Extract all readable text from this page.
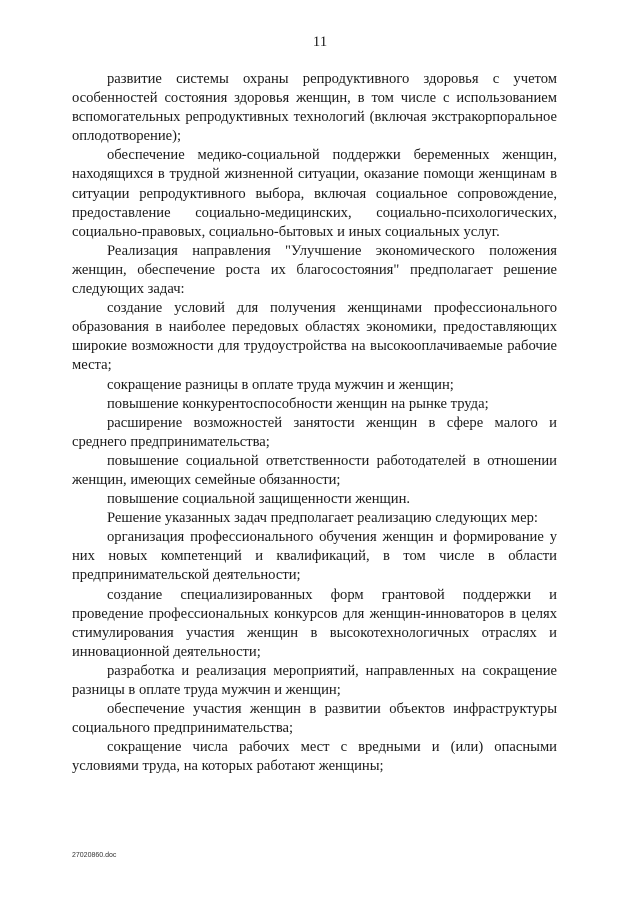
11

развитие системы охраны репродуктивного здоровья с учетом особенностей состояния здоровья женщин, в том числе с использованием вспомогательных репродуктивных технологий (включая экстракорпоральное оплодотворение);

обеспечение медико-социальной поддержки беременных женщин, находящихся в трудной жизненной ситуации, оказание помощи женщинам в ситуации репродуктивного выбора, включая социальное сопровождение, предоставление социально-медицинских, социально-психологических, социально-правовых, социально-бытовых и иных социальных услуг.

Реализация направления "Улучшение экономического положения женщин, обеспечение роста их благосостояния" предполагает решение следующих задач:

создание условий для получения женщинами профессионального образования в наиболее передовых областях экономики, предоставляющих широкие возможности для трудоустройства на высокооплачиваемые рабочие места;

сокращение разницы в оплате труда мужчин и женщин;

повышение конкурентоспособности женщин на рынке труда;

расширение возможностей занятости женщин в сфере малого и среднего предпринимательства;

повышение социальной ответственности работодателей в отношении женщин, имеющих семейные обязанности;

повышение социальной защищенности женщин.

Решение указанных задач предполагает реализацию следующих мер:

организация профессионального обучения женщин и формирование у них новых компетенций и квалификаций, в том числе в области предпринимательской деятельности;

создание специализированных форм грантовой поддержки и проведение профессиональных конкурсов для женщин-инноваторов в целях стимулирования участия женщин в высокотехнологичных отраслях и инновационной деятельности;

разработка и реализация мероприятий, направленных на сокращение разницы в оплате труда мужчин и женщин;

обеспечение участия женщин в развитии объектов инфраструктуры социального предпринимательства;

сокращение числа рабочих мест с вредными и (или) опасными условиями труда, на которых работают женщины;

27020860.doc
